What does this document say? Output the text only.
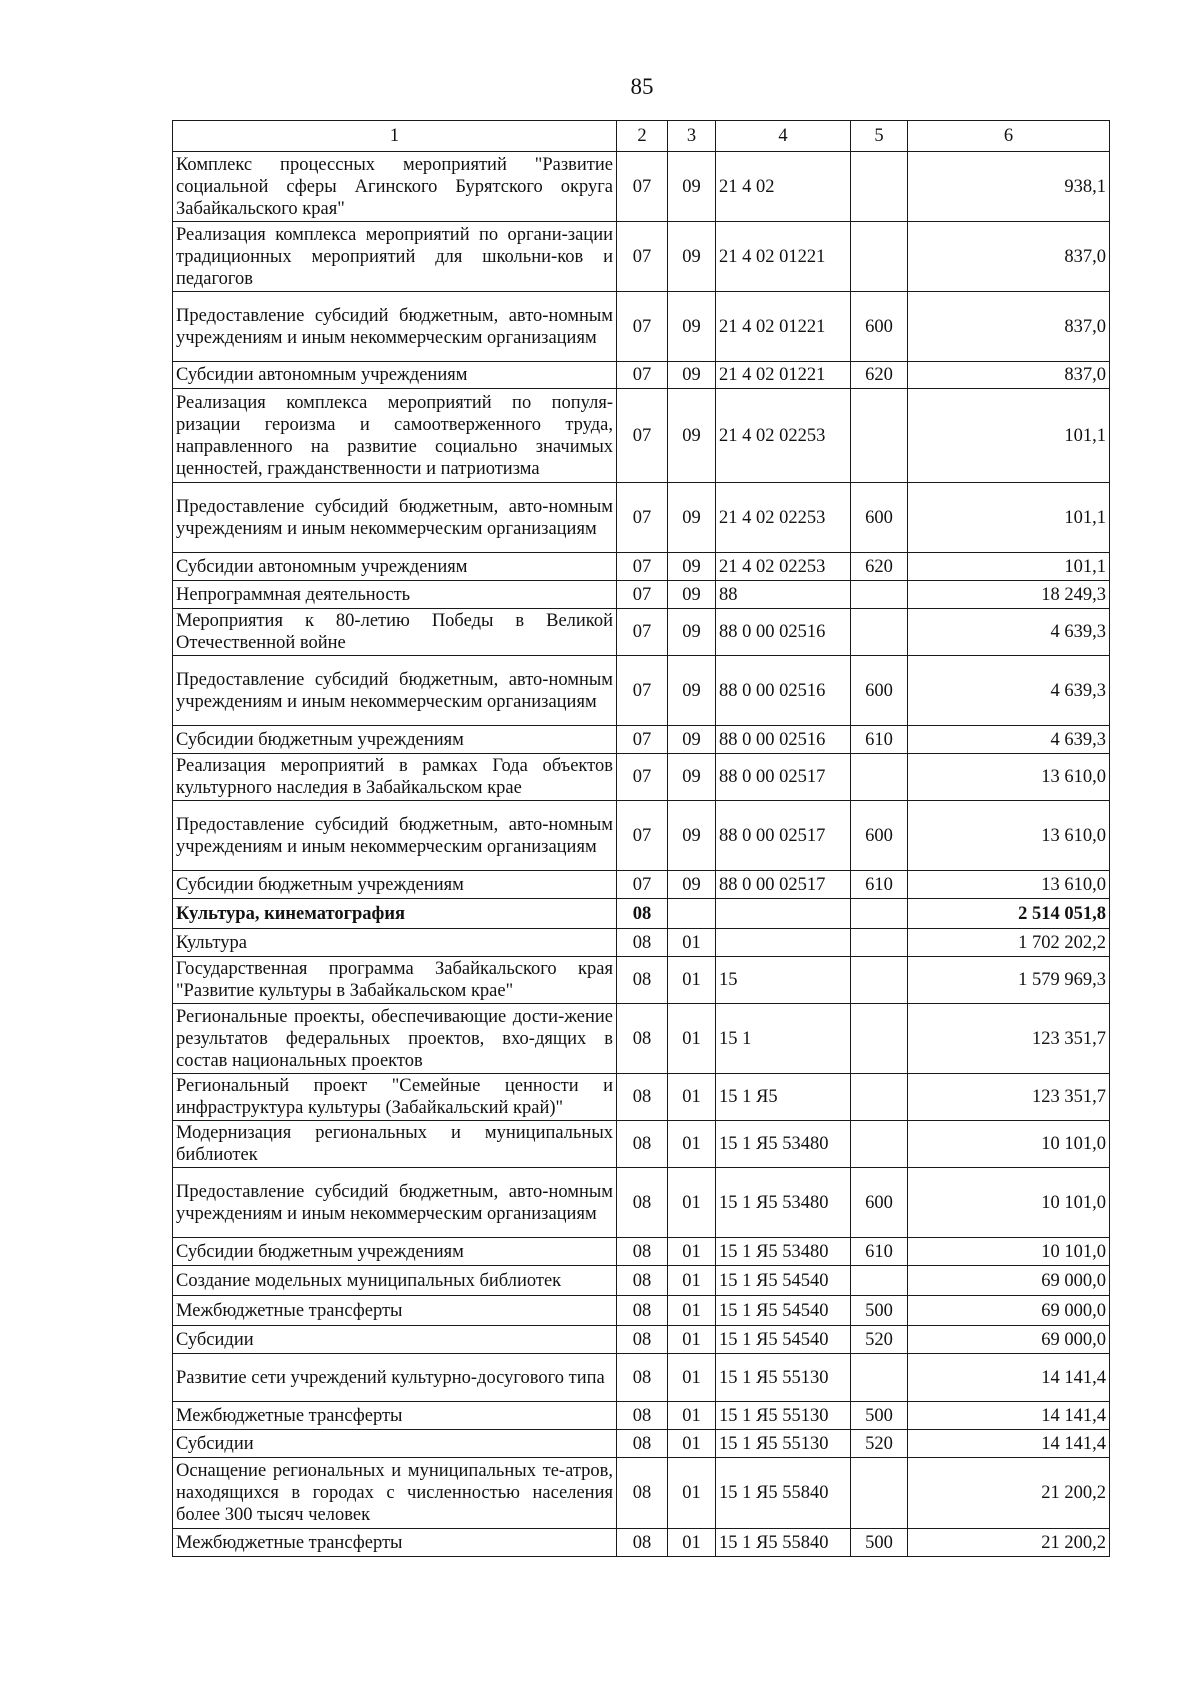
85
1	2	3	4	5	6
Комплекс процессных мероприятий "Развитие социальной сферы Агинского Бурятского округа Забайкальского края"	07	09	21 4 02		938,1
Реализация комплекса мероприятий по органи-зации традиционных мероприятий для школьни-ков и педагогов	07	09	21 4 02 01221		837,0
Предоставление субсидий бюджетным, авто-номным учреждениям и иным некоммерческим организациям	07	09	21 4 02 01221	600	837,0
Субсидии автономным учреждениям	07	09	21 4 02 01221	620	837,0
Реализация комплекса мероприятий по популя-ризации героизма и самоотверженного труда, направленного на развитие социально значимых ценностей, гражданственности и патриотизма	07	09	21 4 02 02253		101,1
Предоставление субсидий бюджетным, авто-номным учреждениям и иным некоммерческим организациям	07	09	21 4 02 02253	600	101,1
Субсидии автономным учреждениям	07	09	21 4 02 02253	620	101,1
Непрограммная деятельность	07	09	88		18 249,3
Мероприятия к 80-летию Победы в Великой Отечественной войне	07	09	88 0 00 02516		4 639,3
Предоставление субсидий бюджетным, авто-номным учреждениям и иным некоммерческим организациям	07	09	88 0 00 02516	600	4 639,3
Субсидии бюджетным учреждениям	07	09	88 0 00 02516	610	4 639,3
Реализация мероприятий в рамках Года объектов культурного наследия в Забайкальском крае	07	09	88 0 00 02517		13 610,0
Предоставление субсидий бюджетным, авто-номным учреждениям и иным некоммерческим организациям	07	09	88 0 00 02517	600	13 610,0
Субсидии бюджетным учреждениям	07	09	88 0 00 02517	610	13 610,0
Культура, кинематография	08				2 514 051,8
Культура	08	01			1 702 202,2
Государственная программа Забайкальского края "Развитие культуры в Забайкальском крае"	08	01	15		1 579 969,3
Региональные проекты, обеспечивающие дости-жение результатов федеральных проектов, вхо-дящих в состав национальных проектов	08	01	15 1		123 351,7
Региональный проект "Семейные ценности и инфраструктура культуры (Забайкальский край)"	08	01	15 1 Я5		123 351,7
Модернизация региональных и муниципальных библиотек	08	01	15 1 Я5 53480		10 101,0
Предоставление субсидий бюджетным, авто-номным учреждениям и иным некоммерческим организациям	08	01	15 1 Я5 53480	600	10 101,0
Субсидии бюджетным учреждениям	08	01	15 1 Я5 53480	610	10 101,0
Создание модельных муниципальных библиотек	08	01	15 1 Я5 54540		69 000,0
Межбюджетные трансферты	08	01	15 1 Я5 54540	500	69 000,0
Субсидии	08	01	15 1 Я5 54540	520	69 000,0
Развитие сети учреждений культурно-досугового типа	08	01	15 1 Я5 55130		14 141,4
Межбюджетные трансферты	08	01	15 1 Я5 55130	500	14 141,4
Субсидии	08	01	15 1 Я5 55130	520	14 141,4
Оснащение региональных и муниципальных те-атров, находящихся в городах с численностью населения более 300 тысяч человек	08	01	15 1 Я5 55840		21 200,2
Межбюджетные трансферты	08	01	15 1 Я5 55840	500	21 200,2
